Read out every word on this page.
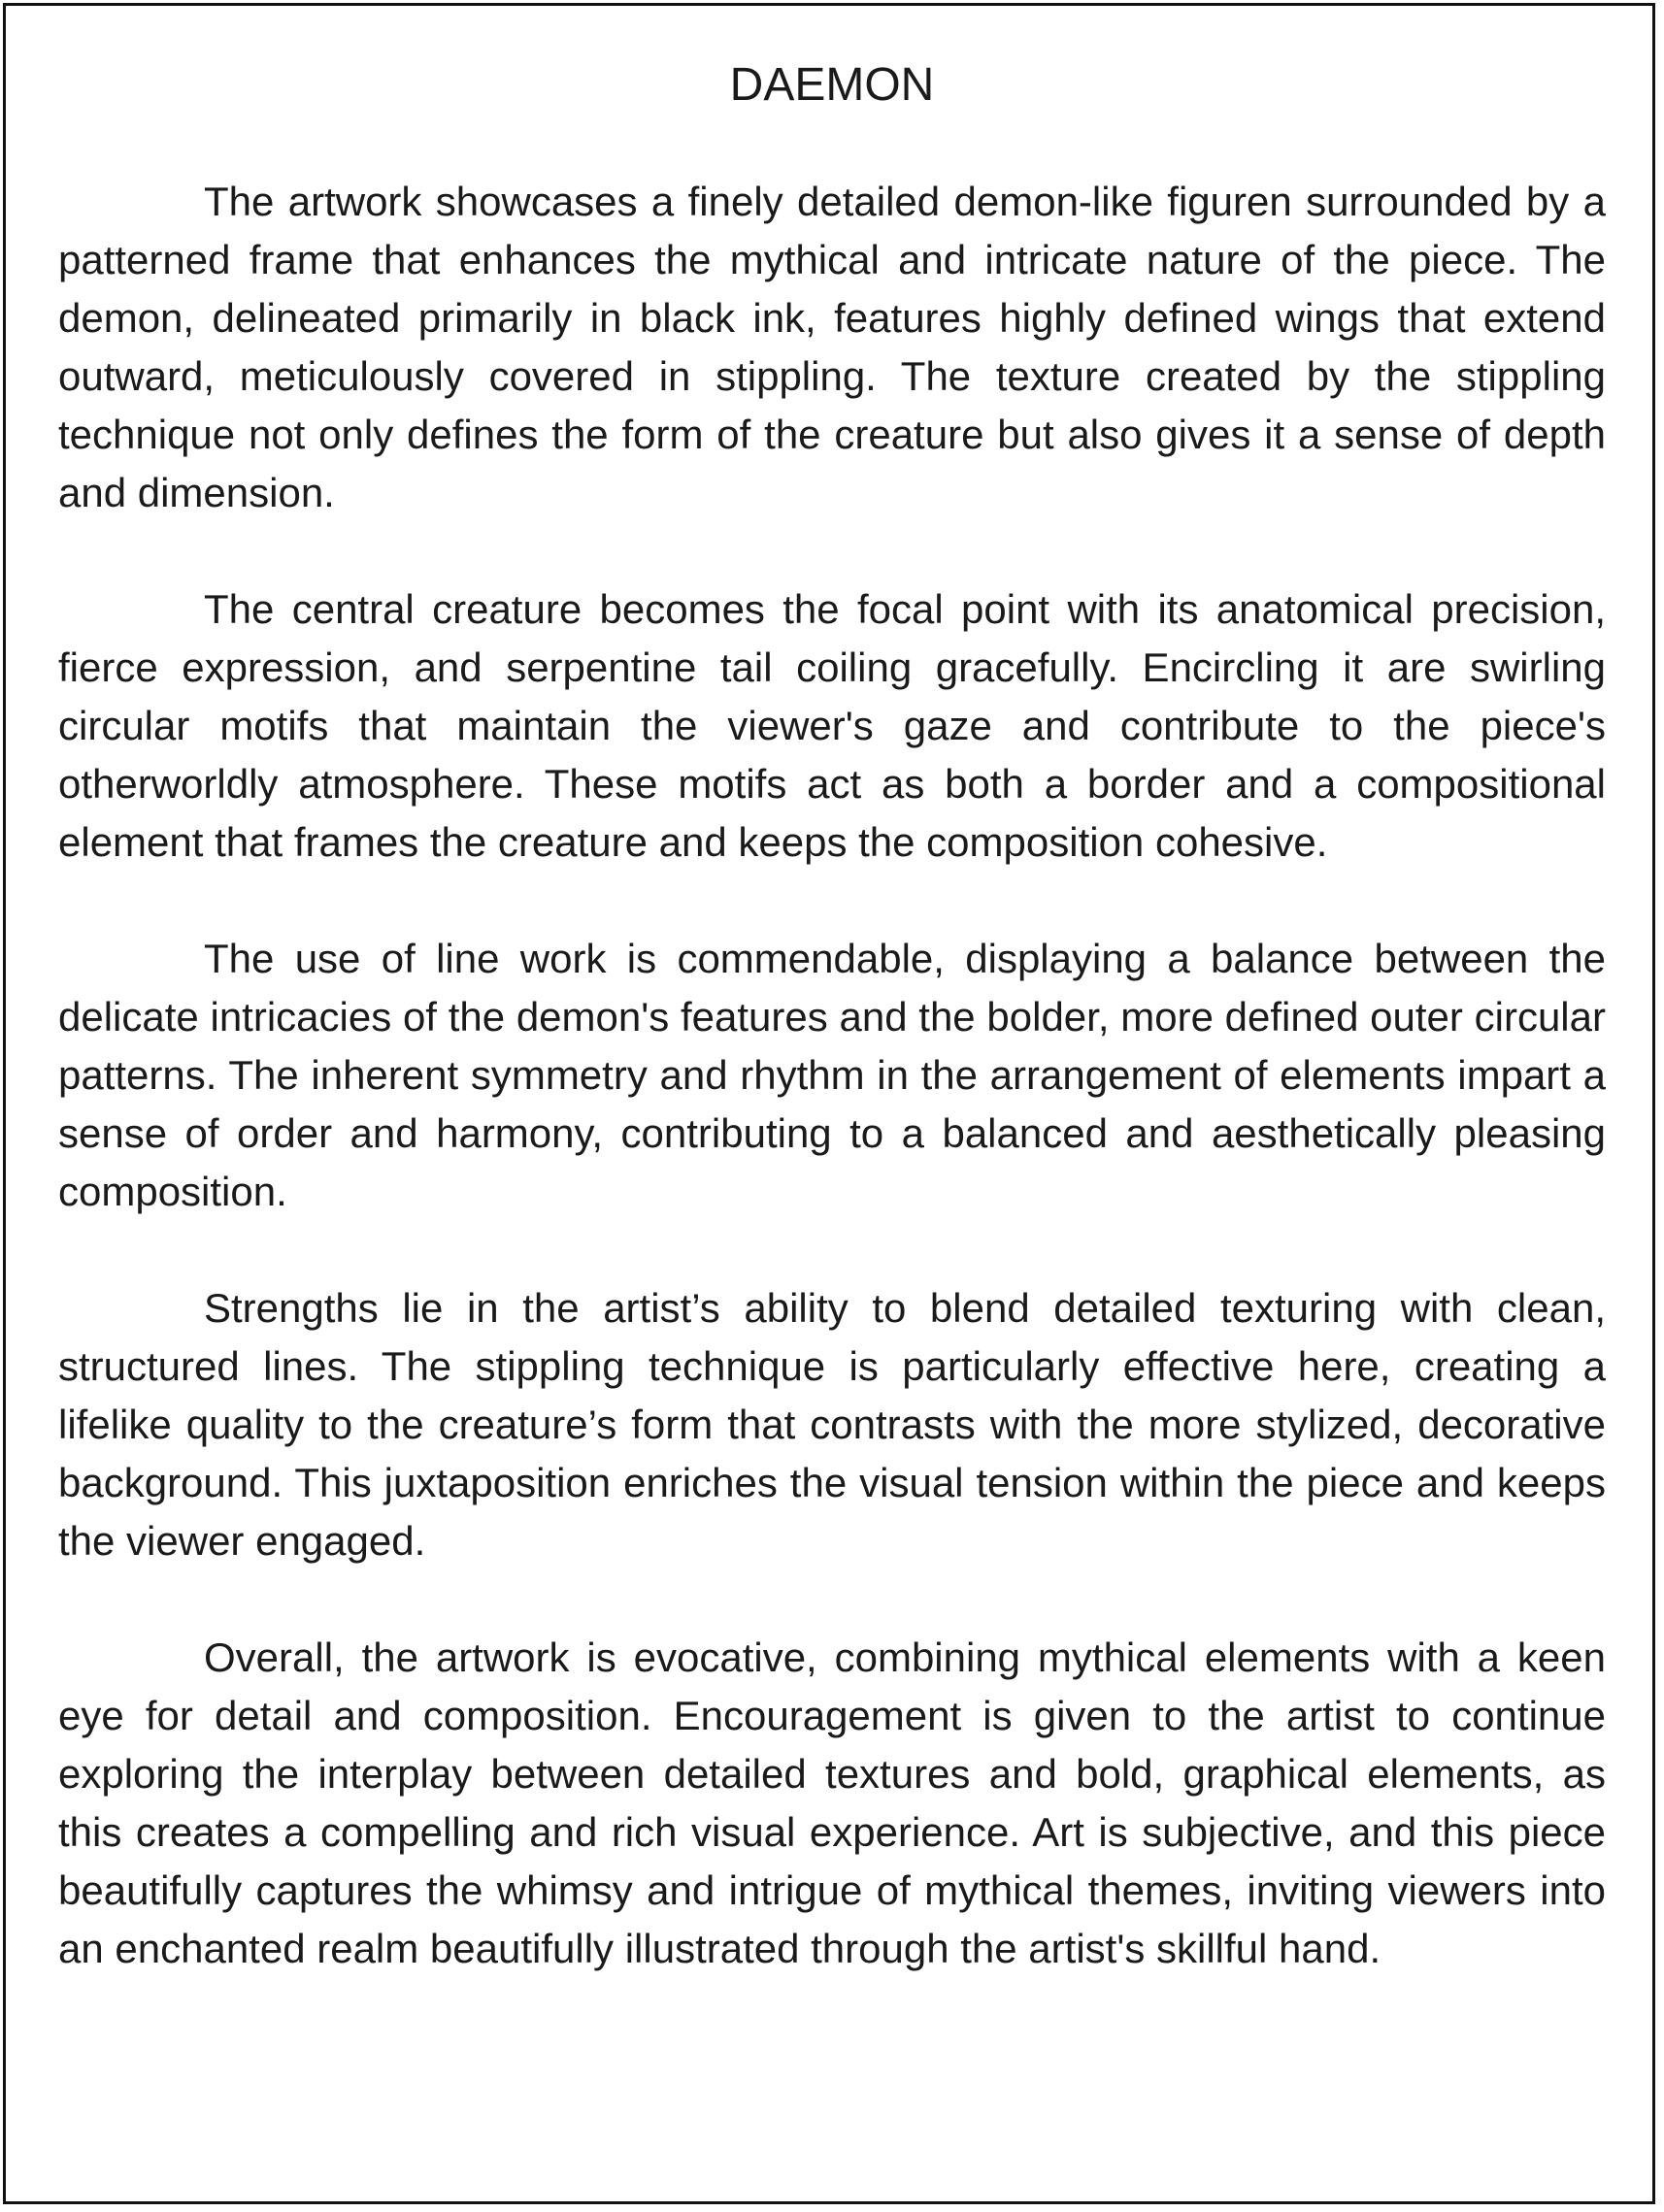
DAEMON

The artwork showcases a finely detailed demon-like figuren surrounded by a patterned frame that enhances the mythical and intricate nature of the piece. The demon, delineated primarily in black ink, features highly defined wings that extend outward, meticulously covered in stippling. The texture created by the stippling technique not only defines the form of the creature but also gives it a sense of depth and dimension.

The central creature becomes the focal point with its anatomical precision, fierce expression, and serpentine tail coiling gracefully. Encircling it are swirling circular motifs that maintain the viewer's gaze and contribute to the piece's otherworldly atmosphere. These motifs act as both a border and a compositional element that frames the creature and keeps the composition cohesive.

The use of line work is commendable, displaying a balance between the delicate intricacies of the demon's features and the bolder, more defined outer circular patterns. The inherent symmetry and rhythm in the arrangement of elements impart a sense of order and harmony, contributing to a balanced and aesthetically pleasing composition.

Strengths lie in the artist’s ability to blend detailed texturing with clean, structured lines. The stippling technique is particularly effective here, creating a lifelike quality to the creature’s form that contrasts with the more stylized, decorative background. This juxtaposition enriches the visual tension within the piece and keeps the viewer engaged.

Overall, the artwork is evocative, combining mythical elements with a keen eye for detail and composition. Encouragement is given to the artist to continue exploring the interplay between detailed textures and bold, graphical elements, as this creates a compelling and rich visual experience. Art is subjective, and this piece beautifully captures the whimsy and intrigue of mythical themes, inviting viewers into an enchanted realm beautifully illustrated through the artist's skillful hand.
